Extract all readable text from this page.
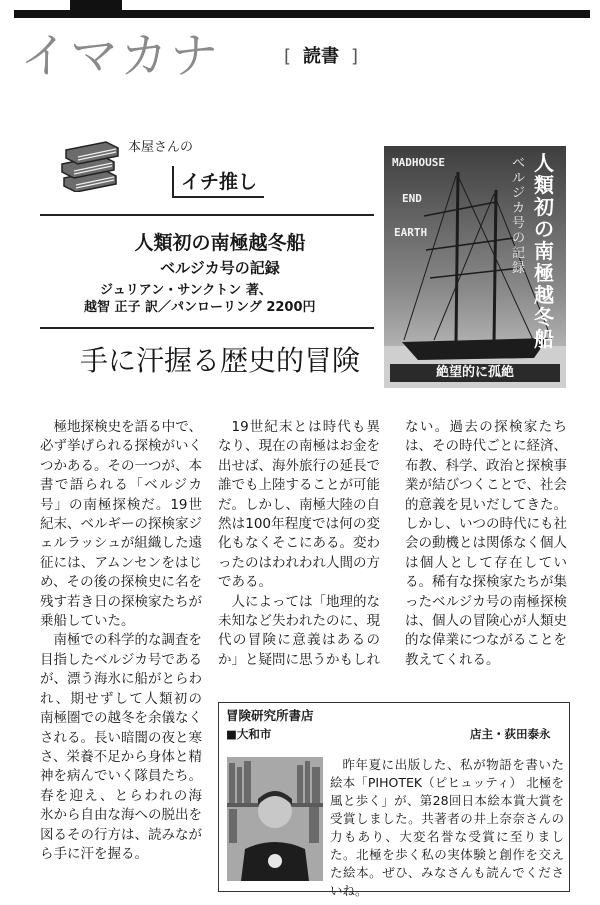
イマカナ	[ 読書 ]
本屋さんの
イチ推し
人類初の南極越冬船
ベルジカ号の記録
ジュリアン・サンクトン 著、
越智 正子 訳／パンローリング 2200円
手に汗握る歴史的冒険
MADHOUSE
END
EARTH
人類初の南極越冬船
ベルジカ号の記録
絶望的に孤絶

極地探検史を語る中で、必ず挙げられる探検がいくつかある。その一つが、本書で語られる「ベルジカ号」の南極探検だ。19世紀末、ベルギーの探検家ジェルラッシュが組織した遠征には、アムンセンをはじめ、その後の探検史に名を残す若き日の探検家たちが乗船していた。

南極での科学的な調査を目指したベルジカ号であるが、漂う海氷に船がとらわれ、期せずして人類初の南極圏での越冬を余儀なくされる。長い暗闇の夜と寒さ、栄養不足から身体と精神を病んでいく隊員たち。春を迎え、とらわれの海氷から自由な海への脱出を図るその行方は、読みながら手に汗を握る。

19世紀末とは時代も異なり、現在の南極はお金を出せば、海外旅行の延長で誰でも上陸することが可能だ。しかし、南極大陸の自然は100年程度では何の変化もなくそこにある。変わったのはわれわれ人間の方である。

人によっては「地理的な未知など失われたのに、現代の冒険に意義はあるのか」と疑問に思うかもしれ

ない。過去の探検家たちは、その時代ごとに経済、布教、科学、政治と探検事業が結びつくことで、社会的意義を見いだしてきた。しかし、いつの時代にも社会の動機とは関係なく個人は個人として存在している。稀有な探検家たちが集ったベルジカ号の南極探検は、個人の冒険心が人類史的な偉業につながることを教えてくれる。

冒険研究所書店
■大和市	店主・荻田泰永

昨年夏に出版した、私が物語を書いた絵本「PIHOTEK（ピヒュッティ） 北極を風と歩く」が、第28回日本絵本賞大賞を受賞しました。共著者の井上奈奈さんの力もあり、大変名誉な受賞に至りました。北極を歩く私の実体験と創作を交えた絵本。ぜひ、みなさんも読んでくださいね。
